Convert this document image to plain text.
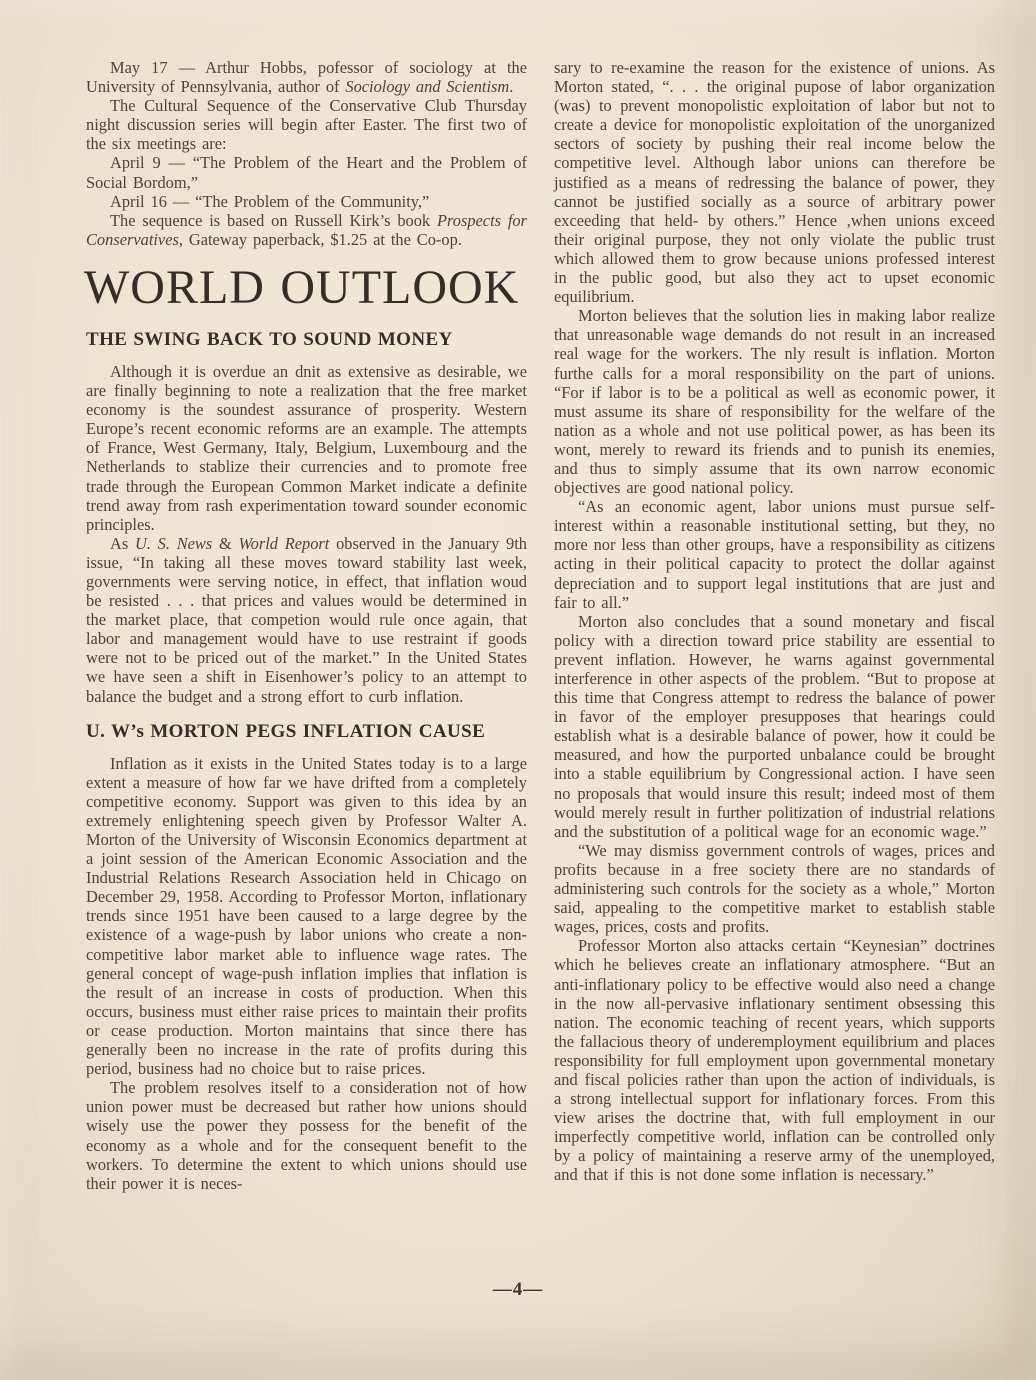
May 17 — Arthur Hobbs, pofessor of sociology at the University of Pennsylvania, author of Sociology and Scientism.

The Cultural Sequence of the Conservative Club Thursday night discussion series will begin after Easter. The first two of the six meetings are:

April 9 — “The Problem of the Heart and the Problem of Social Bordom,”

April 16 — “The Problem of the Community,”

The sequence is based on Russell Kirk’s book Prospects for Conservatives, Gateway paperback, $1.25 at the Co-op.

WORLD OUTLOOK
THE SWING BACK TO SOUND MONEY

Although it is overdue an dnit as extensive as desirable, we are finally beginning to note a realization that the free market economy is the soundest assurance of prosperity. Western Europe’s recent economic reforms are an example. The attempts of France, West Germany, Italy, Belgium, Luxembourg and the Netherlands to stablize their currencies and to promote free trade through the European Common Market indicate a definite trend away from rash experimentation toward sounder economic principles.

As U. S. News & World Report observed in the January 9th issue, “In taking all these moves toward stability last week, governments were serving notice, in effect, that inflation woud be resisted . . . that prices and values would be determined in the market place, that competion would rule once again, that labor and management would have to use restraint if goods were not to be priced out of the market.” In the United States we have seen a shift in Eisenhower’s policy to an attempt to balance the budget and a strong effort to curb inflation.

U. W’s MORTON PEGS INFLATION CAUSE

Inflation as it exists in the United States today is to a large extent a measure of how far we have drifted from a completely competitive economy. Support was given to this idea by an extremely enlightening speech given by Professor Walter A. Morton of the University of Wisconsin Economics department at a joint session of the American Economic Association and the Industrial Relations Research Association held in Chicago on December 29, 1958. According to Professor Morton, inflationary trends since 1951 have been caused to a large degree by the existence of a wage-push by labor unions who create a non-competitive labor market able to influence wage rates. The general concept of wage-push inflation implies that inflation is the result of an increase in costs of production. When this occurs, business must either raise prices to maintain their profits or cease production. Morton maintains that since there has generally been no increase in the rate of profits during this period, business had no choice but to raise prices.

The problem resolves itself to a consideration not of how union power must be decreased but rather how unions should wisely use the power they possess for the benefit of the economy as a whole and for the consequent benefit to the workers. To determine the extent to which unions should use their power it is neces-

sary to re-examine the reason for the existence of unions. As Morton stated, “. . . the original pupose of labor organization (was) to prevent monopolistic exploitation of labor but not to create a device for monopolistic exploitation of the unorganized sectors of society by pushing their real income below the competitive level. Although labor unions can therefore be justified as a means of redressing the balance of power, they cannot be justified socially as a source of arbitrary power exceeding that held- by others.” Hence ,when unions exceed their original purpose, they not only violate the public trust which allowed them to grow because unions professed interest in the public good, but also they act to upset economic equilibrium.

Morton believes that the solution lies in making labor realize that unreasonable wage demands do not result in an increased real wage for the workers. The nly result is inflation. Morton furthe calls for a moral responsibility on the part of unions. “For if labor is to be a political as well as economic power, it must assume its share of responsibility for the welfare of the nation as a whole and not use political power, as has been its wont, merely to reward its friends and to punish its enemies, and thus to simply assume that its own narrow economic objectives are good national policy.

“As an economic agent, labor unions must pursue self-interest within a reasonable institutional setting, but they, no more nor less than other groups, have a responsibility as citizens acting in their political capacity to protect the dollar against depreciation and to support legal institutions that are just and fair to all.”

Morton also concludes that a sound monetary and fiscal policy with a direction toward price stability are essential to prevent inflation. However, he warns against governmental interference in other aspects of the problem. “But to propose at this time that Congress attempt to redress the balance of power in favor of the employer presupposes that hearings could establish what is a desirable balance of power, how it could be measured, and how the purported unbalance could be brought into a stable equilibrium by Congressional action. I have seen no proposals that would insure this result; indeed most of them would merely result in further politization of industrial relations and the substitution of a political wage for an economic wage.”

“We may dismiss government controls of wages, prices and profits because in a free society there are no standards of administering such controls for the society as a whole,” Morton said, appealing to the competitive market to establish stable wages, prices, costs and profits.

Professor Morton also attacks certain “Keynesian” doctrines which he believes create an inflationary atmosphere. “But an anti-inflationary policy to be effective would also need a change in the now all-pervasive inflationary sentiment obsessing this nation. The economic teaching of recent years, which supports the fallacious theory of underemployment equilibrium and places responsibility for full employment upon governmental monetary and fiscal policies rather than upon the action of individuals, is a strong intellectual support for inflationary forces. From this view arises the doctrine that, with full employment in our imperfectly competitive world, inflation can be controlled only by a policy of maintaining a reserve army of the unemployed, and that if this is not done some inflation is necessary.”

—4—
